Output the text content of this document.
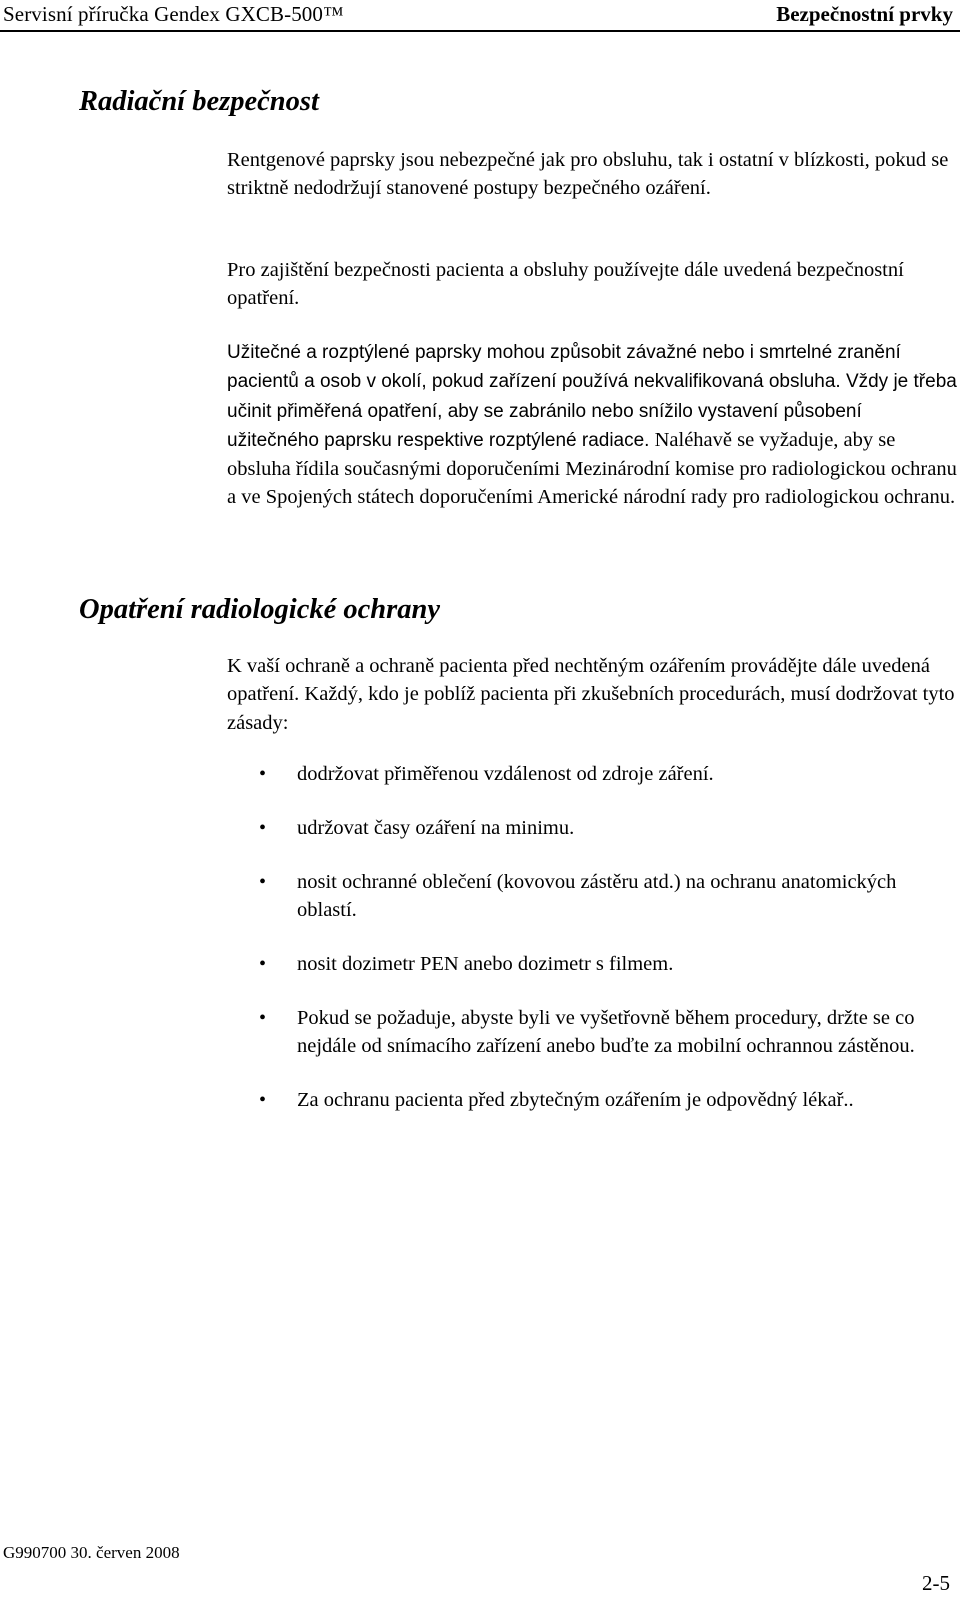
Servisní příručka Gendex GXCB-500™	Bezpečnostní prvky
Radiační bezpečnost

Rentgenové paprsky jsou nebezpečné jak pro obsluhu, tak i ostatní v blízkosti, pokud se striktně nedodržují stanovené postupy bezpečného ozáření.

Pro zajištění bezpečnosti pacienta a obsluhy používejte dále uvedená bezpečnostní opatření.

Užitečné a rozptýlené paprsky mohou způsobit závažné nebo i smrtelné zranění pacientů a osob v okolí, pokud zařízení používá nekvalifikovaná obsluha. Vždy je třeba učinit přiměřená opatření, aby se zabránilo nebo snížilo vystavení působení užitečného paprsku respektive rozptýlené radiace. Naléhavě se vyžaduje, aby se obsluha řídila současnými doporučeními Mezinárodní komise pro radiologickou ochranu a ve Spojených státech doporučeními Americké národní rady pro radiologickou ochranu.

Opatření radiologické ochrany

K vaší ochraně a ochraně pacienta před nechtěným ozářením provádějte dále uvedená opatření. Každý, kdo je poblíž pacienta při zkušebních procedurách, musí dodržovat tyto zásady:

• dodržovat přiměřenou vzdálenost od zdroje záření.
• udržovat časy ozáření na minimu.
• nosit ochranné oblečení (kovovou zástěru atd.) na ochranu anatomických oblastí.
• nosit dozimetr PEN anebo dozimetr s filmem.
• Pokud se požaduje, abyste byli ve vyšetřovně během procedury, držte se co nejdále od snímacího zařízení anebo buďte za mobilní ochrannou zástěnou.
• Za ochranu pacienta před zbytečným ozářením je odpovědný lékař..
G990700 30. červen 2008
2-5
